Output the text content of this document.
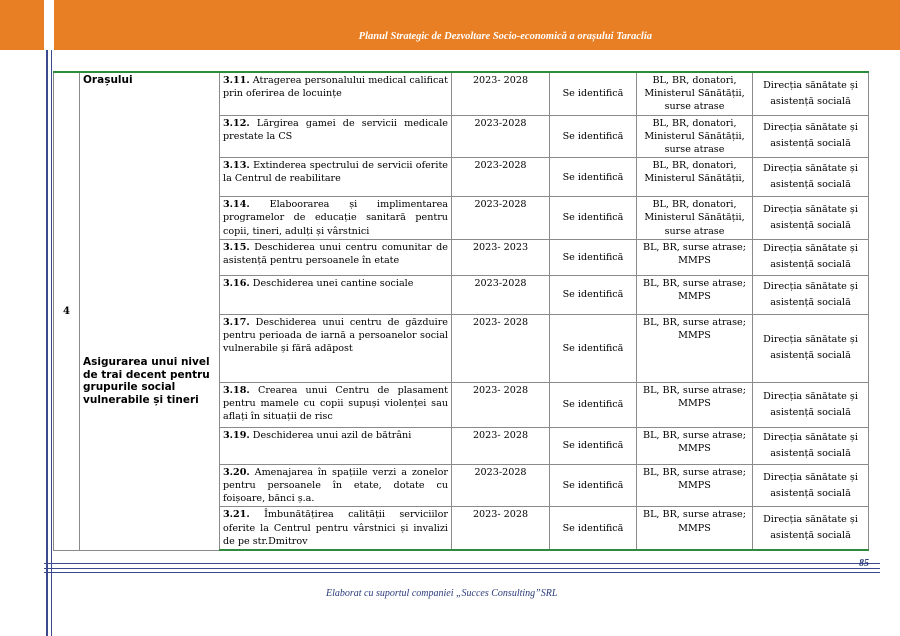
Planul Strategic de Dezvoltare Socio-economică a orașului Taraclia
4	Orașului
Asigurarea unui nivel de trai decent pentru grupurile social vulnerabile și tineri	3.11. Atragerea personalului medical calificat prin oferirea de locuințe	2023- 2028	Se identifică	BL, BR, donatori, Ministerul Sănătății, surse atrase	Direcția sănătate și asistență socială
		3.12. Lărgirea gamei de servicii medicale prestate la CS	2023-2028	Se identifică	BL, BR, donatori, Ministerul Sănătății, surse atrase	Direcția sănătate și asistență socială
		3.13. Extinderea spectrului de servicii oferite la Centrul de reabilitare	2023-2028	Se identifică	BL, BR, donatori, Ministerul Sănătății,	Direcția sănătate și asistență socială
		3.14. Elaboorarea și implimentarea programelor de educație sanitară pentru copii, tineri, adulți și vârstnici	2023-2028	Se identifică	BL, BR, donatori, Ministerul Sănătății, surse atrase	Direcția sănătate și asistență socială
		3.15. Deschiderea unui centru comunitar de asistență pentru persoanele în etate	2023- 2023	Se identifică	BL, BR, surse atrase; MMPS	Direcția sănătate și asistență socială
		3.16. Deschiderea unei cantine sociale	2023-2028	Se identifică	BL, BR, surse atrase; MMPS	Direcția sănătate și asistență socială
		3.17. Deschiderea unui centru de găzduire pentru perioada de iarnă a persoanelor social vulnerabile și fără adăpost	2023- 2028	Se identifică	BL, BR, surse atrase; MMPS	Direcția sănătate și asistență socială
		3.18. Crearea unui Centru de plasament pentru mamele cu copii supuși violenței sau aflați în situații de risc	2023- 2028	Se identifică	BL, BR, surse atrase; MMPS	Direcția sănătate și asistență socială
		3.19. Deschiderea unui azil de bătrâni	2023- 2028	Se identifică	BL, BR, surse atrase; MMPS	Direcția sănătate și asistență socială
		3.20. Amenajarea în spațiile verzi a zonelor pentru persoanele în etate, dotate cu foișoare, bănci ș.a.	2023-2028	Se identifică	BL, BR, surse atrase; MMPS	Direcția sănătate și asistență socială
		3.21. Îmbunătățirea calității serviciilor oferite la Centrul pentru vârstnici și invalizi de pe str.Dmitrov	2023- 2028	Se identifică	BL, BR, surse atrase; MMPS	Direcția sănătate și asistență socială
85
Elaborat cu suportul companiei „Succes Consulting”SRL
